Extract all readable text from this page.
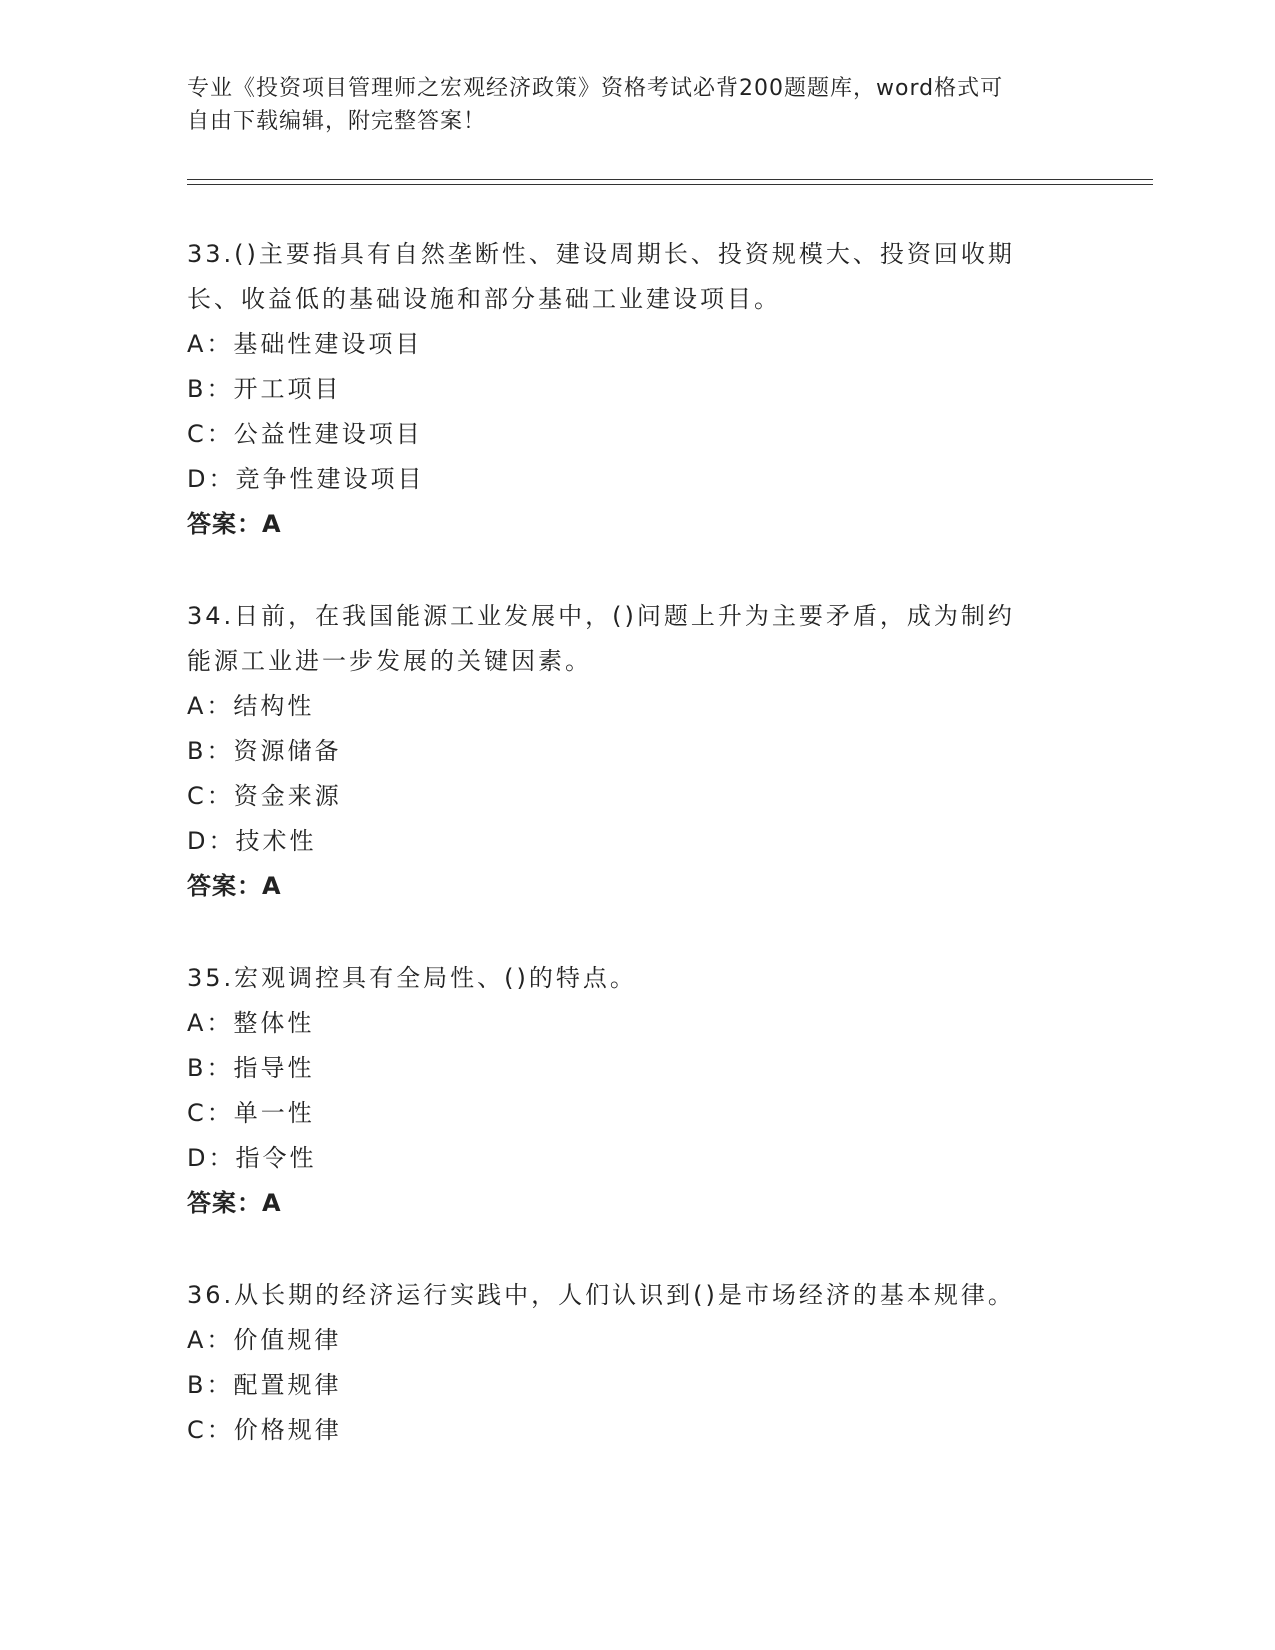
专业《投资项目管理师之宏观经济政策》资格考试必背200题题库，word格式可
自由下载编辑，附完整答案！
33.()主要指具有自然垄断性、建设周期长、投资规模大、投资回收期
长、收益低的基础设施和部分基础工业建设项目。
A：基础性建设项目
B：开工项目
C：公益性建设项目
D：竞争性建设项目
答案：A
34.日前，在我国能源工业发展中，()问题上升为主要矛盾，成为制约
能源工业进一步发展的关键因素。
A：结构性
B：资源储备
C：资金来源
D：技术性
答案：A
35.宏观调控具有全局性、()的特点。
A：整体性
B：指导性
C：单一性
D：指令性
答案：A
36.从长期的经济运行实践中，人们认识到()是市场经济的基本规律。
A：价值规律
B：配置规律
C：价格规律
